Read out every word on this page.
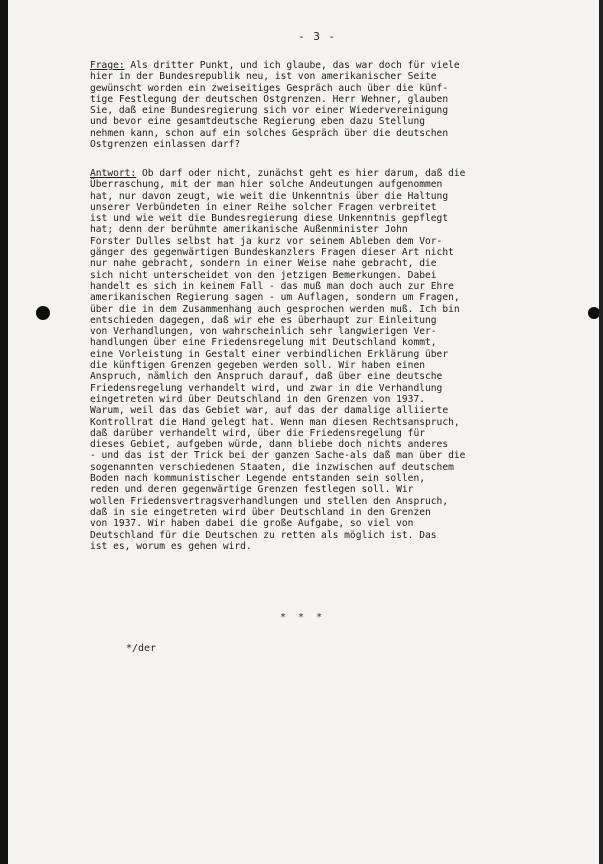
- 3 -
Frage: Als dritter Punkt, und ich glaube, das war doch für viele
hier in der Bundesrepublik neu, ist von amerikanischer Seite
gewünscht worden ein zweiseitiges Gespräch auch über die künf-
tige Festlegung der deutschen Ostgrenzen. Herr Wehner, glauben
Sie, daß eine Bundesregierung sich vor einer Wiedervereinigung
und bevor eine gesamtdeutsche Regierung eben dazu Stellung
nehmen kann, schon auf ein solches Gespräch über die deutschen
Ostgrenzen einlassen darf?
Antwort: Ob darf oder nicht, zunächst geht es hier darum, daß die
Überraschung, mit der man hier solche Andeutungen aufgenommen
hat, nur davon zeugt, wie weit die Unkenntnis über die Haltung
unserer Verbündeten in einer Reihe solcher Fragen verbreitet
ist und wie weit die Bundesregierung diese Unkenntnis gepflegt
hat; denn der berühmte amerikanische Außenminister John
Forster Dulles selbst hat ja kurz vor seinem Ableben dem Vor-
gänger des gegenwärtigen Bundeskanzlers Fragen dieser Art nicht
nur nahe gebracht, sondern in einer Weise nahe gebracht, die
sich nicht unterscheidet von den jetzigen Bemerkungen. Dabei
handelt es sich in keinem Fall - das muß man doch auch zur Ehre
amerikanischen Regierung sagen - um Auflagen, sondern um Fragen,
über die in dem Zusammenhang auch gesprochen werden muß. Ich bin
entschieden dagegen, daß wir ehe es überhaupt zur Einleitung
von Verhandlungen, von wahrscheinlich sehr langwierigen Ver-
handlungen über eine Friedensregelung mit Deutschland kommt,
eine Vorleistung in Gestalt einer verbindlichen Erklärung über
die künftigen Grenzen gegeben werden soll. Wir haben einen
Anspruch, nämlich den Anspruch darauf, daß über eine deutsche
Friedensregelung verhandelt wird, und zwar in die Verhandlung
eingetreten wird über Deutschland in den Grenzen von 1937.
Warum, weil das das Gebiet war, auf das der damalige alliierte
Kontrollrat die Hand gelegt hat. Wenn man diesen Rechtsanspruch,
daß darüber verhandelt wird, über die Friedensregelung für
dieses Gebiet, aufgeben würde, dann bliebe doch nichts anderes
- und das ist der Trick bei der ganzen Sache-als daß man über die
sogenannten verschiedenen Staaten, die inzwischen auf deutschem
Boden nach kommunistischer Legende entstanden sein sollen,
reden und deren gegenwärtige Grenzen festlegen soll. Wir
wollen Friedensvertragsverhandlungen und stellen den Anspruch,
daß in sie eingetreten wird über Deutschland in den Grenzen
von 1937. Wir haben dabei die große Aufgabe, so viel von
Deutschland für die Deutschen zu retten als möglich ist. Das
ist es, worum es gehen wird.
* * *
*/der
